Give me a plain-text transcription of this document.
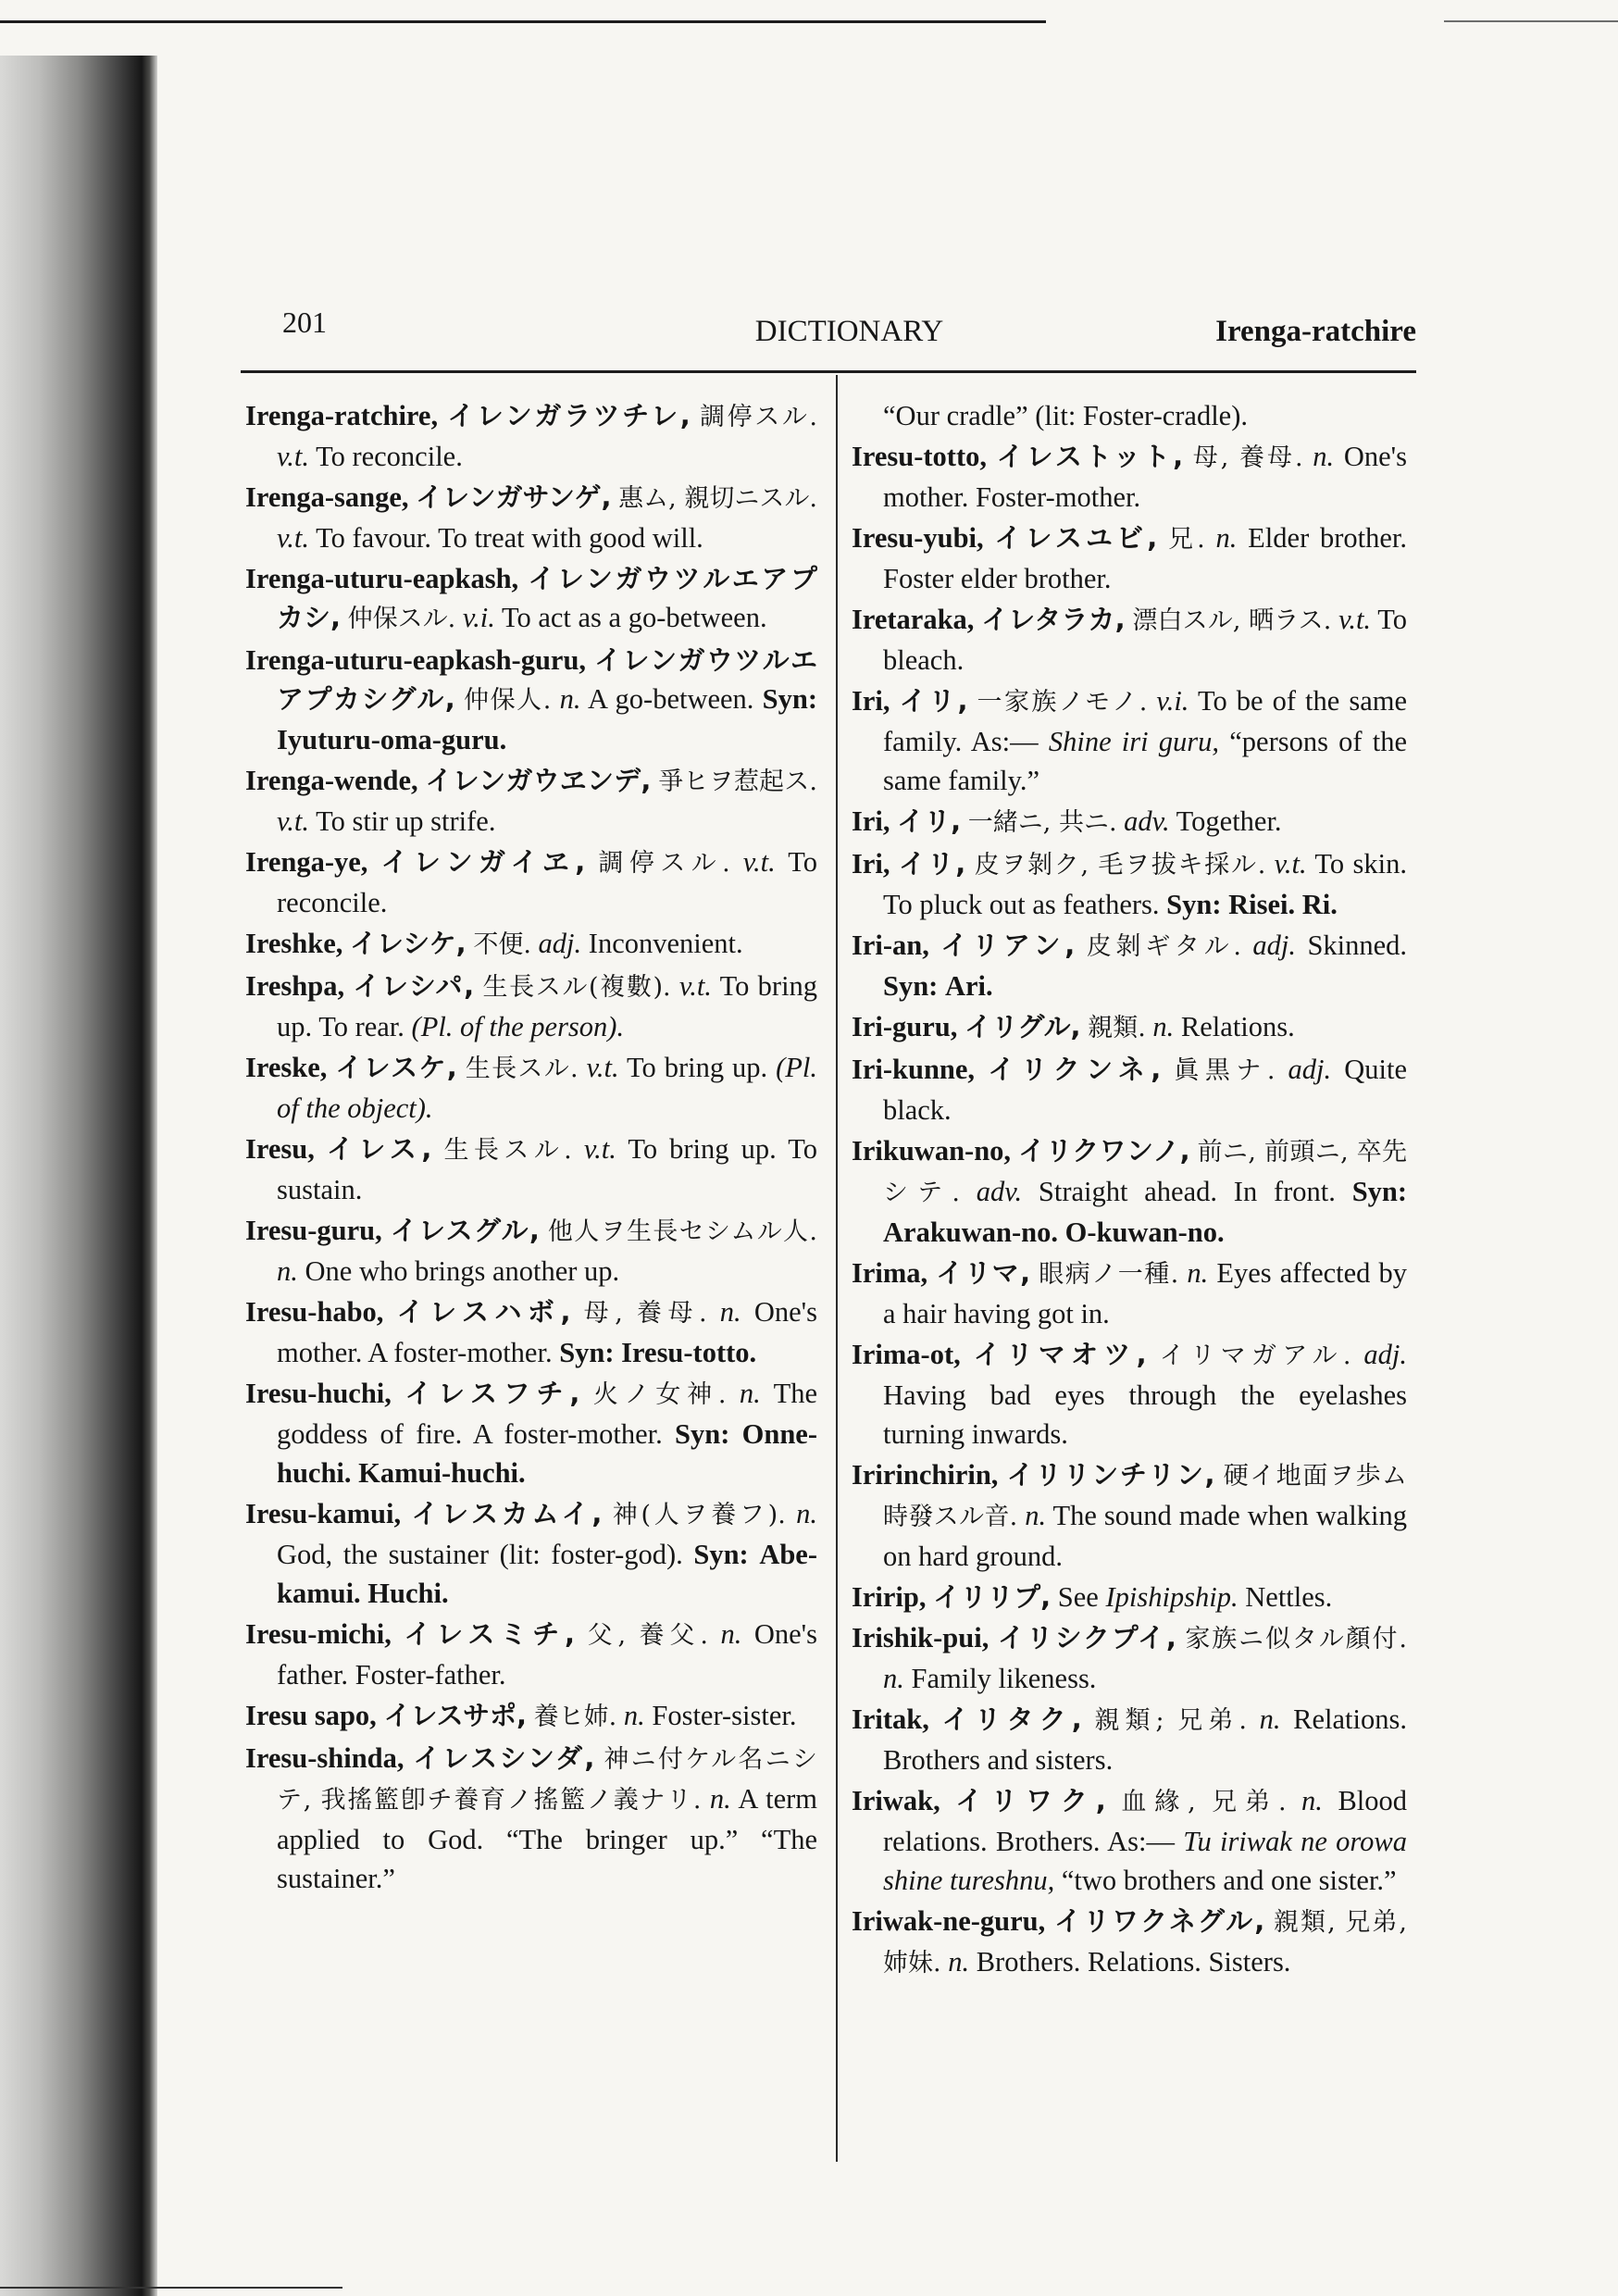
201	DICTIONARY	Irenga-ratchire

Irenga-ratchire, イレンガラツチレ, 調停スル. v.t. To reconcile.

Irenga-sange, イレンガサンゲ, 惠ム, 親切ニスル. v.t. To favour. To treat with good will.

Irenga-uturu-eapkash, イレンガウツルエアプカシ, 仲保スル. v.i. To act as a go-between.

Irenga-uturu-eapkash-guru, イレンガウツルエアプカシグル, 仲保人. n. A go-between. Syn: Iyuturu-oma-guru.

Irenga-wende, イレンガウヱンデ, 爭ヒヲ惹起ス. v.t. To stir up strife.

Irenga-ye, イレンガイヱ, 調停スル. v.t. To reconcile.

Ireshke, イレシケ, 不便. adj. Inconvenient.

Ireshpa, イレシパ, 生長スル(複數). v.t. To bring up. To rear. (Pl. of the person).

Ireske, イレスケ, 生長スル. v.t. To bring up. (Pl. of the object).

Iresu, イレス, 生長スル. v.t. To bring up. To sustain.

Iresu-guru, イレスグル, 他人ヲ生長セシムル人. n. One who brings another up.

Iresu-habo, イレスハボ, 母, 養母. n. One's mother. A foster-mother. Syn: Iresu-totto.

Iresu-huchi, イレスフチ, 火ノ女神. n. The goddess of fire. A foster-mother. Syn: Onne-huchi. Kamui-huchi.

Iresu-kamui, イレスカムイ, 神(人ヲ養フ). n. God, the sustainer (lit: foster-god). Syn: Abe-kamui. Huchi.

Iresu-michi, イレスミチ, 父, 養父. n. One's father. Foster-father.

Iresu sapo, イレスサポ, 養ヒ姉. n. Foster-sister.

Iresu-shinda, イレスシンダ, 神ニ付ケル名ニシテ, 我搖籃卽チ養育ノ搖籃ノ義ナリ. n. A term applied to God. “The bringer up.” “The sustainer.”

“Our cradle” (lit: Foster-cradle).

Iresu-totto, イレストット, 母, 養母. n. One's mother. Foster-mother.

Iresu-yubi, イレスユビ, 兄. n. Elder brother. Foster elder brother.

Iretaraka, イレタラカ, 漂白スル, 晒ラス. v.t. To bleach.

Iri, イリ, 一家族ノモノ. v.i. To be of the same family. As:— Shine iri guru, “persons of the same family.”

Iri, イリ, 一緒ニ, 共ニ. adv. Together.

Iri, イリ, 皮ヲ剝ク, 毛ヲ拔キ採ル. v.t. To skin. To pluck out as feathers. Syn: Risei. Ri.

Iri-an, イリアン, 皮剝ギタル. adj. Skinned. Syn: Ari.

Iri-guru, イリグル, 親類. n. Relations.

Iri-kunne, イリクンネ, 眞黒ナ. adj. Quite black.

Irikuwan-no, イリクワンノ, 前ニ, 前頭ニ, 卒先シテ. adv. Straight ahead. In front. Syn: Arakuwan-no. O-kuwan-no.

Irima, イリマ, 眼病ノ一種. n. Eyes affected by a hair having got in.

Irima-ot, イリマオツ, イリマガアル. adj. Having bad eyes through the eyelashes turning inwards.

Iririnchirin, イリリンチリン, 硬イ地面ヲ歩ム時發スル音. n. The sound made when walking on hard ground.

Iririp, イリリプ, See Ipishipship. Nettles.

Irishik-pui, イリシクプイ, 家族ニ似タル顏付. n. Family likeness.

Iritak, イリタク, 親類; 兄弟. n. Relations. Brothers and sisters.

Iriwak, イリワク, 血緣, 兄弟. n. Blood relations. Brothers. As:— Tu iriwak ne orowa shine tureshnu, “two brothers and one sister.”

Iriwak-ne-guru, イリワクネグル, 親類, 兄弟, 姉妹. n. Brothers. Relations. Sisters.
